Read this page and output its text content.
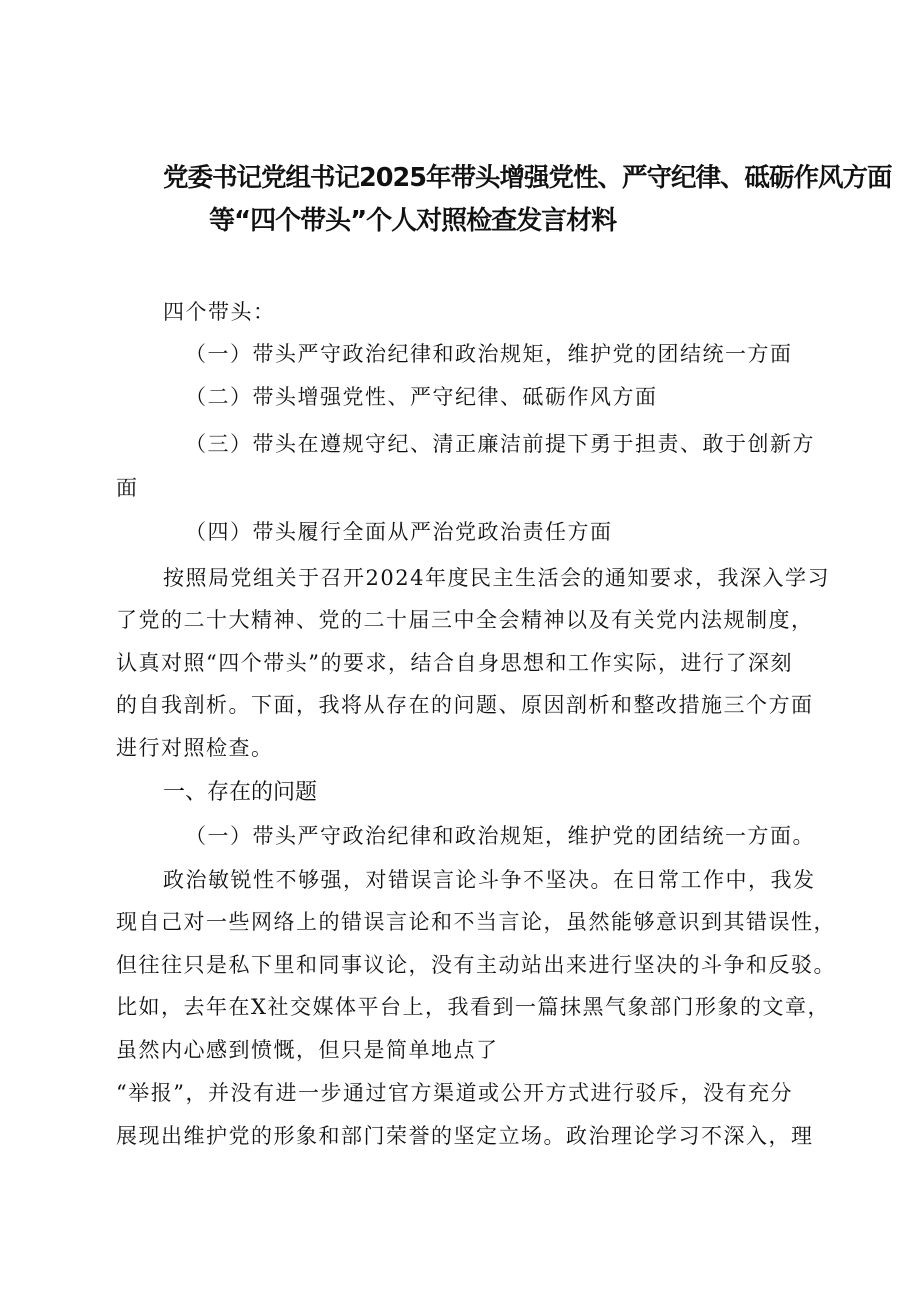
党委书记党组书记2025年带头增强党性、严守纪律、砥砺作风方面
等“四个带头”个人对照检查发言材料
四个带头：
（一）带头严守政治纪律和政治规矩，维护党的团结统一方面
（二）带头增强党性、严守纪律、砥砺作风方面
（三）带头在遵规守纪、清正廉洁前提下勇于担责、敢于创新方
面
（四）带头履行全面从严治党政治责任方面
按照局党组关于召开2024年度民主生活会的通知要求，我深入学习
了党的二十大精神、党的二十届三中全会精神以及有关党内法规制度，
认真对照“四个带头”的要求，结合自身思想和工作实际，进行了深刻
的自我剖析。下面，我将从存在的问题、原因剖析和整改措施三个方面
进行对照检查。
一、存在的问题
（一）带头严守政治纪律和政治规矩，维护党的团结统一方面。
政治敏锐性不够强，对错误言论斗争不坚决。在日常工作中，我发
现自己对一些网络上的错误言论和不当言论，虽然能够意识到其错误性，
但往往只是私下里和同事议论，没有主动站出来进行坚决的斗争和反驳。
比如，去年在X社交媒体平台上，我看到一篇抹黑气象部门形象的文章，
虽然内心感到愤慨，但只是简单地点了
“举报”，并没有进一步通过官方渠道或公开方式进行驳斥，没有充分
展现出维护党的形象和部门荣誉的坚定立场。政治理论学习不深入，理
